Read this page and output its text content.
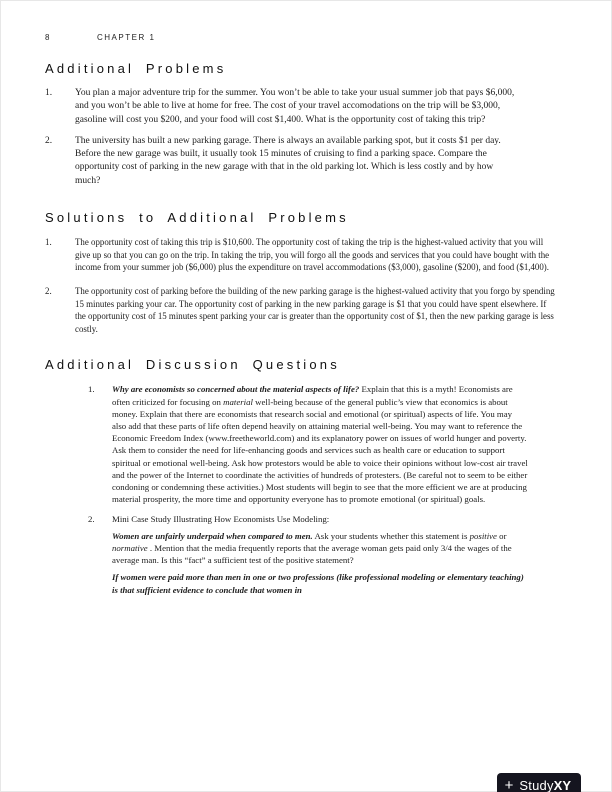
8	CHAPTER 1
Additional Problems
1.	You plan a major adventure trip for the summer. You won’t be able to take your usual summer job that pays $6,000, and you won’t be able to live at home for free. The cost of your travel accomodations on the trip will be $3,000, gasoline will cost you $200, and your food will cost $1,400. What is the opportunity cost of taking this trip?
2.	The university has built a new parking garage. There is always an available parking spot, but it costs $1 per day. Before the new garage was built, it usually took 15 minutes of cruising to find a parking space. Compare the opportunity cost of parking in the new garage with that in the old parking lot. Which is less costly and by how much?
Solutions to Additional Problems
1.	The opportunity cost of taking this trip is $10,600. The opportunity cost of taking the trip is the highest-valued activity that you will give up so that you can go on the trip. In taking the trip, you will forgo all the goods and services that you could have bought with the income from your summer job ($6,000) plus the expenditure on travel accommodations ($3,000), gasoline ($200), and food ($1,400).
2.	The opportunity cost of parking before the building of the new parking garage is the highest-valued activity that you forgo by spending 15 minutes parking your car. The opportunity cost of parking in the new parking garage is $1 that you could have spent elsewhere. If the opportunity cost of 15 minutes spent parking your car is greater than the opportunity cost of $1, then the new parking garage is less costly.
Additional Discussion Questions
1.	Why are economists so concerned about the material aspects of life? Explain that this is a myth! Economists are often criticized for focusing on material well-being because of the general public’s view that economics is about money. Explain that there are economists that research social and emotional (or spiritual) aspects of life. You may also add that these parts of life often depend heavily on attaining material well-being. You may want to reference the Economic Freedom Index (www.freetheworld.com) and its explanatory power on issues of world hunger and poverty. Ask them to consider the need for life-enhancing goods and services such as health care or education to support spiritual or emotional well-being. Ask how protestors would be able to voice their opinions without low-cost air travel and the power of the Internet to coordinate the activities of hundreds of protesters. (Be careful not to seem to be either condoning or condemning these activities.) Most students will begin to see that the more efficient we are at producing material prosperity, the more time and opportunity everyone has to promote emotional (or spiritual) goals.
2.	Mini Case Study Illustrating How Economists Use Modeling:
Women are unfairly underpaid when compared to men. Ask your students whether this statement is positive or normative . Mention that the media frequently reports that the average woman gets paid only 3/4 the wages of the average man. Is this “fact” a sufficient test of the positive statement?
If women were paid more than men in one or two professions (like professional modeling or elementary teaching) is that sufficient evidence to conclude that women in
+ Study XY
